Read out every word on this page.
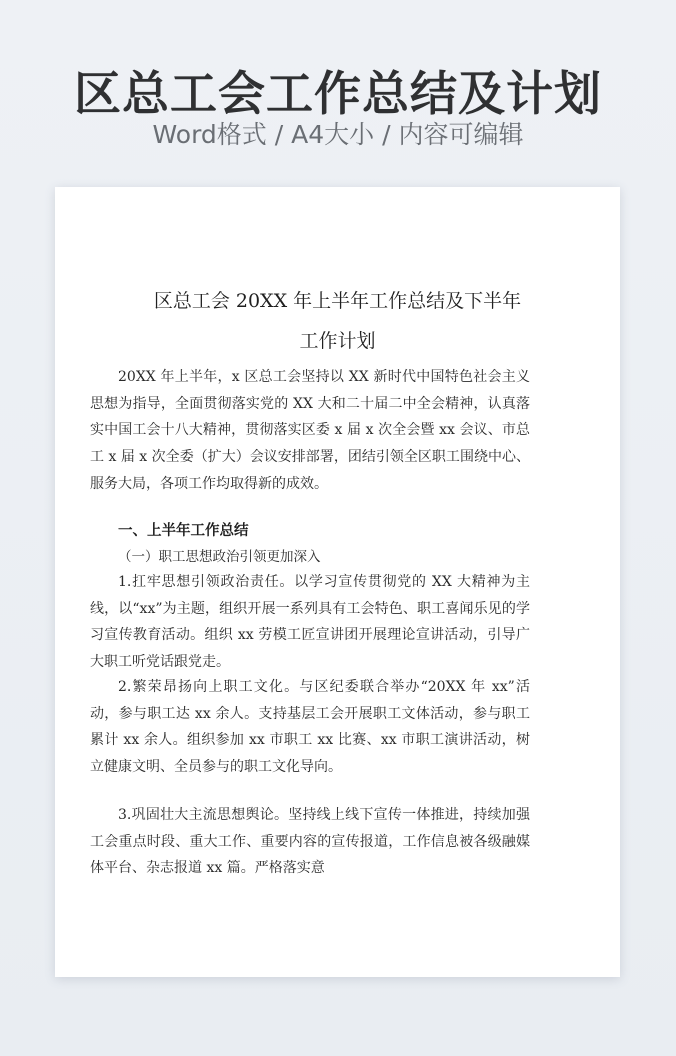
区总工会工作总结及计划
Word格式 / A4大小 / 内容可编辑
区总工会 20XX 年上半年工作总结及下半年
工作计划

20XX 年上半年，x 区总工会坚持以 XX 新时代中国特色社会主义思想为指导，全面贯彻落实党的 XX 大和二十届二中全会精神，认真落实中国工会十八大精神，贯彻落实区委 x 届 x 次全会暨 xx 会议、市总工 x 届 x 次全委（扩大）会议安排部署，团结引领全区职工围绕中心、服务大局，各项工作均取得新的成效。

一、上半年工作总结
（一）职工思想政治引领更加深入

1.扛牢思想引领政治责任。以学习宣传贯彻党的 XX 大精神为主线，以“xx”为主题，组织开展一系列具有工会特色、职工喜闻乐见的学习宣传教育活动。组织 xx 劳模工匠宣讲团开展理论宣讲活动，引导广大职工听党话跟党走。

2.繁荣昂扬向上职工文化。与区纪委联合举办“20XX 年 xx”活动，参与职工达 xx 余人。支持基层工会开展职工文体活动，参与职工累计 xx 余人。组织参加 xx 市职工 xx 比赛、xx 市职工演讲活动，树立健康文明、全员参与的职工文化导向。

3.巩固壮大主流思想舆论。坚持线上线下宣传一体推进，持续加强工会重点时段、重大工作、重要内容的宣传报道，工作信息被各级融媒体平台、杂志报道 xx 篇。严格落实意
